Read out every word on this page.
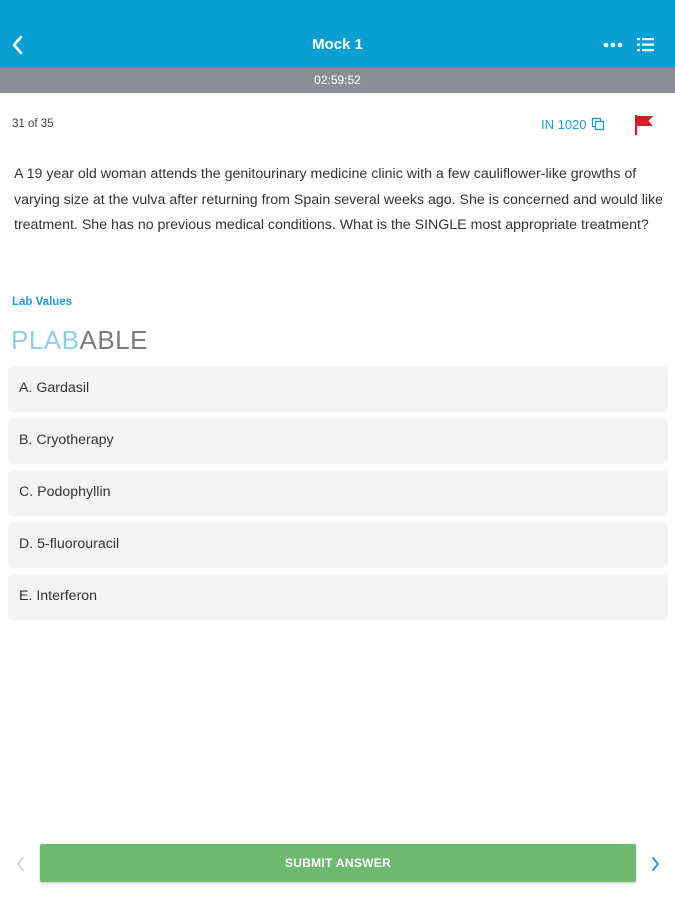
Mock 1
02:59:52
31 of 35	IN 1020

A 19 year old woman attends the genitourinary medicine clinic with a few cauliflower-like growths of varying size at the vulva after returning from Spain several weeks ago. She is concerned and would like treatment. She has no previous medical conditions. What is the SINGLE most appropriate treatment?

Lab Values
PLABABLE
A. Gardasil
B. Cryotherapy
C. Podophyllin
D. 5-fluorouracil
E. Interferon
SUBMIT ANSWER
